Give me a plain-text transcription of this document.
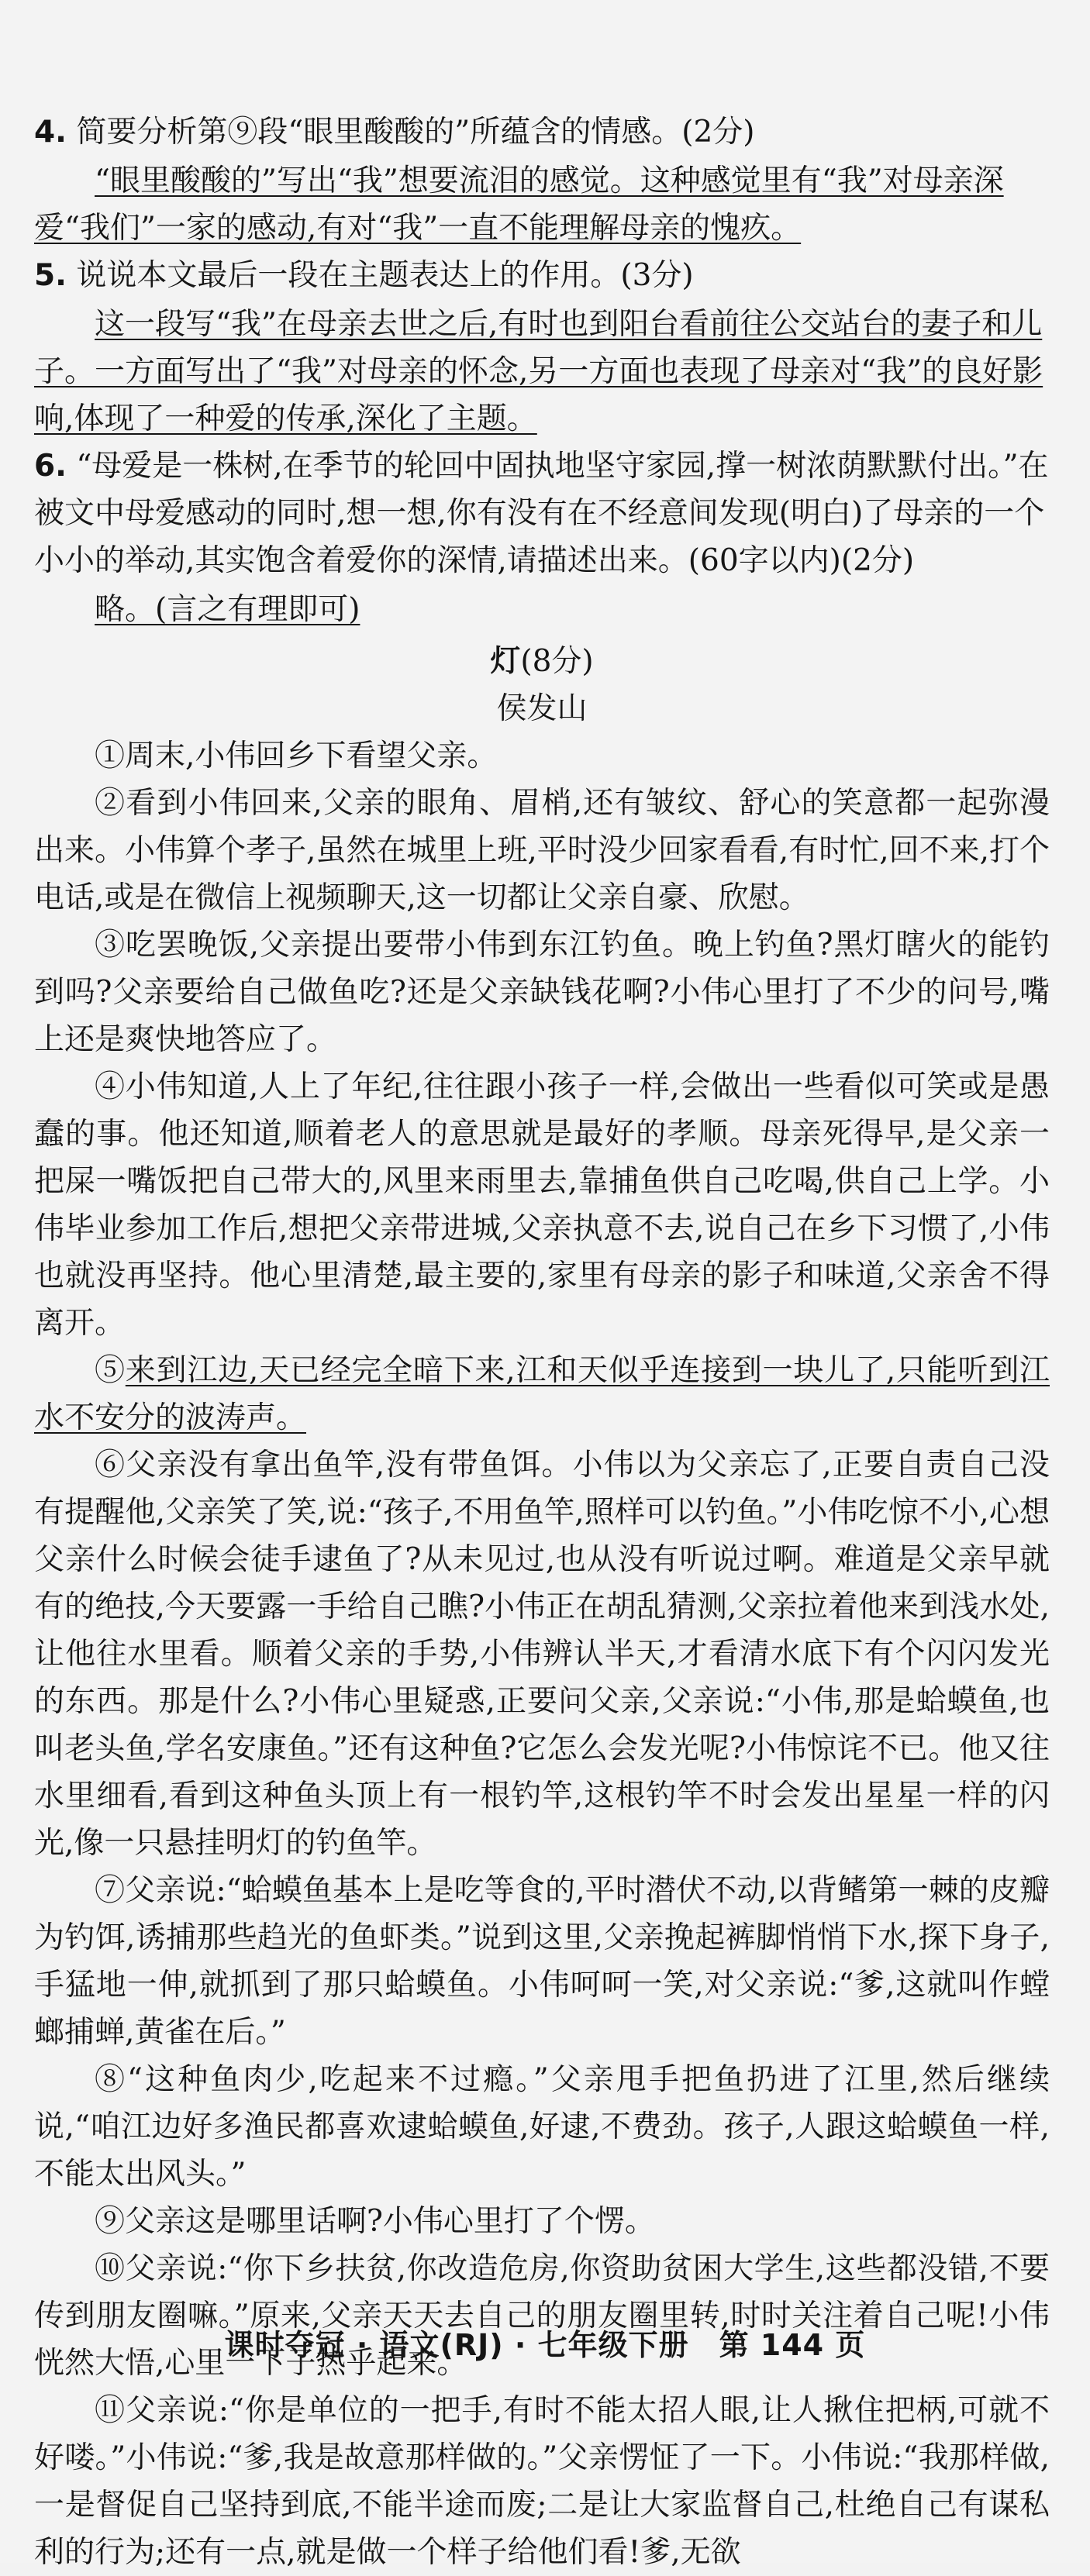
4. 简要分析第⑨段“眼里酸酸的”所蕴含的情感。(2分)
“眼里酸酸的”写出“我”想要流泪的感觉。这种感觉里有“我”对母亲深爱“我们”一家的感动,有对“我”一直不能理解母亲的愧疚。
5. 说说本文最后一段在主题表达上的作用。(3分)
这一段写“我”在母亲去世之后,有时也到阳台看前往公交站台的妻子和儿子。一方面写出了“我”对母亲的怀念,另一方面也表现了母亲对“我”的良好影响,体现了一种爱的传承,深化了主题。
6. “母爱是一株树,在季节的轮回中固执地坚守家园,撑一树浓荫默默付出。”在被文中母爱感动的同时,想一想,你有没有在不经意间发现(明白)了母亲的一个小小的举动,其实饱含着爱你的深情,请描述出来。(60字以内)(2分)
略。(言之有理即可)
灯(8分)
侯发山

①周末,小伟回乡下看望父亲。

②看到小伟回来,父亲的眼角、眉梢,还有皱纹、舒心的笑意都一起弥漫出来。小伟算个孝子,虽然在城里上班,平时没少回家看看,有时忙,回不来,打个电话,或是在微信上视频聊天,这一切都让父亲自豪、欣慰。

③吃罢晚饭,父亲提出要带小伟到东江钓鱼。晚上钓鱼?黑灯瞎火的能钓到吗?父亲要给自己做鱼吃?还是父亲缺钱花啊?小伟心里打了不少的问号,嘴上还是爽快地答应了。

④小伟知道,人上了年纪,往往跟小孩子一样,会做出一些看似可笑或是愚蠢的事。他还知道,顺着老人的意思就是最好的孝顺。母亲死得早,是父亲一把屎一嘴饭把自己带大的,风里来雨里去,靠捕鱼供自己吃喝,供自己上学。小伟毕业参加工作后,想把父亲带进城,父亲执意不去,说自己在乡下习惯了,小伟也就没再坚持。他心里清楚,最主要的,家里有母亲的影子和味道,父亲舍不得离开。

⑤来到江边,天已经完全暗下来,江和天似乎连接到一块儿了,只能听到江水不安分的波涛声。

⑥父亲没有拿出鱼竿,没有带鱼饵。小伟以为父亲忘了,正要自责自己没有提醒他,父亲笑了笑,说:“孩子,不用鱼竿,照样可以钓鱼。”小伟吃惊不小,心想父亲什么时候会徒手逮鱼了?从未见过,也从没有听说过啊。难道是父亲早就有的绝技,今天要露一手给自己瞧?小伟正在胡乱猜测,父亲拉着他来到浅水处,让他往水里看。顺着父亲的手势,小伟辨认半天,才看清水底下有个闪闪发光的东西。那是什么?小伟心里疑惑,正要问父亲,父亲说:“小伟,那是蛤蟆鱼,也叫老头鱼,学名安康鱼。”还有这种鱼?它怎么会发光呢?小伟惊诧不已。他又往水里细看,看到这种鱼头顶上有一根钓竿,这根钓竿不时会发出星星一样的闪光,像一只悬挂明灯的钓鱼竿。

⑦父亲说:“蛤蟆鱼基本上是吃等食的,平时潜伏不动,以背鳍第一棘的皮瓣为钓饵,诱捕那些趋光的鱼虾类。”说到这里,父亲挽起裤脚悄悄下水,探下身子,手猛地一伸,就抓到了那只蛤蟆鱼。小伟呵呵一笑,对父亲说:“爹,这就叫作螳螂捕蝉,黄雀在后。”

⑧“这种鱼肉少,吃起来不过瘾。”父亲甩手把鱼扔进了江里,然后继续说,“咱江边好多渔民都喜欢逮蛤蟆鱼,好逮,不费劲。孩子,人跟这蛤蟆鱼一样,不能太出风头。”

⑨父亲这是哪里话啊?小伟心里打了个愣。

⑩父亲说:“你下乡扶贫,你改造危房,你资助贫困大学生,这些都没错,不要传到朋友圈嘛。”原来,父亲天天去自己的朋友圈里转,时时关注着自己呢!小伟恍然大悟,心里一下子热乎起来。

⑪父亲说:“你是单位的一把手,有时不能太招人眼,让人揪住把柄,可就不好喽。”小伟说:“爹,我是故意那样做的。”父亲愣怔了一下。小伟说:“我那样做,一是督促自己坚持到底,不能半途而废;二是让大家监督自己,杜绝自己有谋私利的行为;还有一点,就是做一个样子给他们看!爹,无欲

课时夺冠 · 语文(RJ) · 七年级下册　第 144 页
